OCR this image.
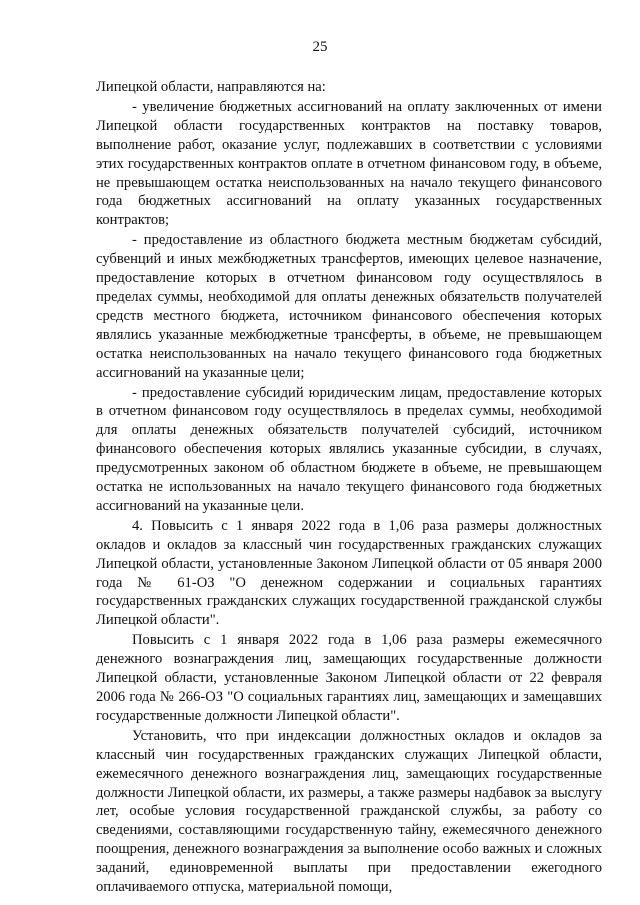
25

Липецкой области, направляются на:

- увеличение бюджетных ассигнований на оплату заключенных от имени Липецкой области государственных контрактов на поставку товаров, выполнение работ, оказание услуг, подлежавших в соответствии с условиями этих государственных контрактов оплате в отчетном финансовом году, в объеме, не превышающем остатка неиспользованных на начало текущего финансового года бюджетных ассигнований на оплату указанных государственных контрактов;

- предоставление из областного бюджета местным бюджетам субсидий, субвенций и иных межбюджетных трансфертов, имеющих целевое назначение, предоставление которых в отчетном финансовом году осуществлялось в пределах суммы, необходимой для оплаты денежных обязательств получателей средств местного бюджета, источником финансового обеспечения которых являлись указанные межбюджетные трансферты, в объеме, не превышающем остатка неиспользованных на начало текущего финансового года бюджетных ассигнований на указанные цели;

- предоставление субсидий юридическим лицам, предоставление которых в отчетном финансовом году осуществлялось в пределах суммы, необходимой для оплаты денежных обязательств получателей субсидий, источником финансового обеспечения которых являлись указанные субсидии, в случаях, предусмотренных законом об областном бюджете в объеме, не превышающем остатка не использованных на начало текущего финансового года бюджетных ассигнований на указанные цели.

4. Повысить с 1 января 2022 года в 1,06 раза размеры должностных окладов и окладов за классный чин государственных гражданских служащих Липецкой области, установленные Законом Липецкой области от 05 января 2000 года № 61-ОЗ "О денежном содержании и социальных гарантиях государственных гражданских служащих государственной гражданской службы Липецкой области".

Повысить с 1 января 2022 года в 1,06 раза размеры ежемесячного денежного вознаграждения лиц, замещающих государственные должности Липецкой области, установленные Законом Липецкой области от 22 февраля 2006 года № 266-ОЗ "О социальных гарантиях лиц, замещающих и замещавших государственные должности Липецкой области".

Установить, что при индексации должностных окладов и окладов за классный чин государственных гражданских служащих Липецкой области, ежемесячного денежного вознаграждения лиц, замещающих государственные должности Липецкой области, их размеры, а также размеры надбавок за выслугу лет, особые условия государственной гражданской службы, за работу со сведениями, составляющими государственную тайну, ежемесячного денежного поощрения, денежного вознаграждения за выполнение особо важных и сложных заданий, единовременной выплаты при предоставлении ежегодного оплачиваемого отпуска, материальной помощи,
